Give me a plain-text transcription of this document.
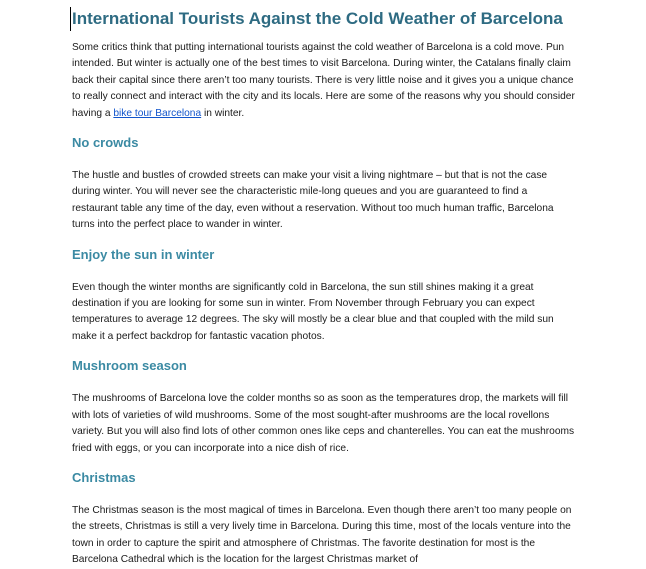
International Tourists Against the Cold Weather of Barcelona

Some critics think that putting international tourists against the cold weather of Barcelona is a cold move. Pun intended. But winter is actually one of the best times to visit Barcelona. During winter, the Catalans finally claim back their capital since there aren’t too many tourists. There is very little noise and it gives you a unique chance to really connect and interact with the city and its locals. Here are some of the reasons why you should consider having a bike tour Barcelona in winter.

No crowds

The hustle and bustles of crowded streets can make your visit a living nightmare – but that is not the case during winter. You will never see the characteristic mile-long queues and you are guaranteed to find a restaurant table any time of the day, even without a reservation. Without too much human traffic, Barcelona turns into the perfect place to wander in winter.

Enjoy the sun in winter

Even though the winter months are significantly cold in Barcelona, the sun still shines making it a great destination if you are looking for some sun in winter. From November through February you can expect temperatures to average 12 degrees. The sky will mostly be a clear blue and that coupled with the mild sun make it a perfect backdrop for fantastic vacation photos.

Mushroom season

The mushrooms of Barcelona love the colder months so as soon as the temperatures drop, the markets will fill with lots of varieties of wild mushrooms. Some of the most sought-after mushrooms are the local rovellons variety. But you will also find lots of other common ones like ceps and chanterelles. You can eat the mushrooms fried with eggs, or you can incorporate into a nice dish of rice.

Christmas

The Christmas season is the most magical of times in Barcelona. Even though there aren’t too many people on the streets, Christmas is still a very lively time in Barcelona. During this time, most of the locals venture into the town in order to capture the spirit and atmosphere of Christmas. The favorite destination for most is the Barcelona Cathedral which is the location for the largest Christmas market of
